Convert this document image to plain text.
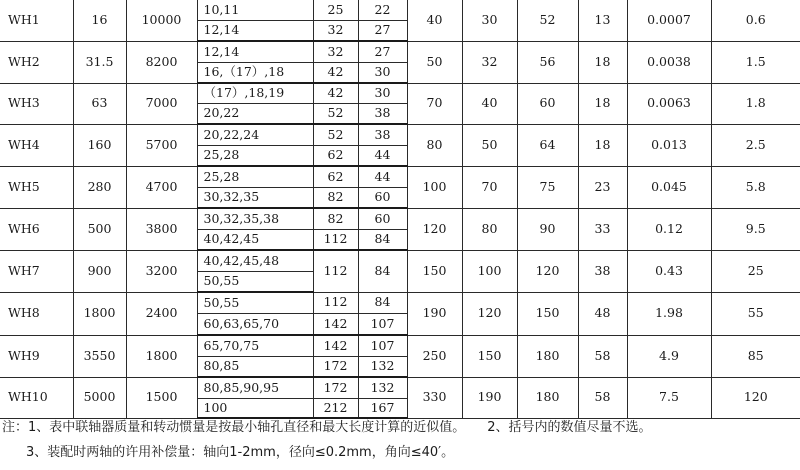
WH1	16	10000	10,11	25	22	40	30	52	13	0.0007	0.6
			12,14	32	27						
WH2	31.5	8200	12,14	32	27	50	32	56	18	0.0038	1.5
			16,（17）,18	42	30						
WH3	63	7000	（17）,18,19	42	30	70	40	60	18	0.0063	1.8
			20,22	52	38						
WH4	160	5700	20,22,24	52	38	80	50	64	18	0.013	2.5
			25,28	62	44						
WH5	280	4700	25,28	62	44	100	70	75	23	0.045	5.8
			30,32,35	82	60						
WH6	500	3800	30,32,35,38	82	60	120	80	90	33	0.12	9.5
			40,42,45	112	84						
WH7	900	3200	40,42,45,48	112	84	150	100	120	38	0.43	25
			50,55								
WH8	1800	2400	50,55	112	84	190	120	150	48	1.98	55
			60,63,65,70	142	107						
WH9	3550	1800	65,70,75	142	107	250	150	180	58	4.9	85
			80,85	172	132						
WH10	5000	1500	80,85,90,95	172	132	330	190	180	58	7.5	120
			100	212	167						
注：1、表中联轴器质量和转动惯量是按最小轴孔直径和最大长度计算的近似值。 2、括号内的数值尽量不选。
3、装配时两轴的许用补偿量：轴向1-2mm，径向≤0.2mm，角向≤40′。
